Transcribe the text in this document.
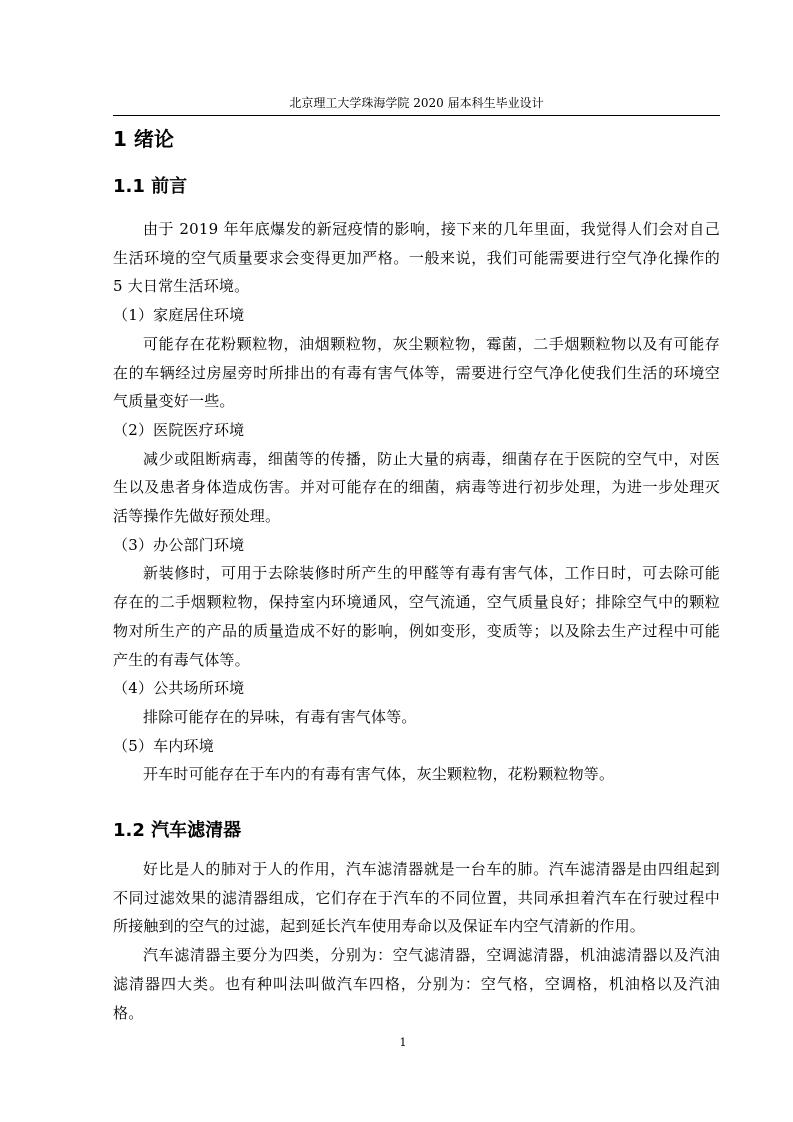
北京理工大学珠海学院 2020 届本科生毕业设计
1 绪论
1.1 前言

由于 2019 年年底爆发的新冠疫情的影响，接下来的几年里面，我觉得人们会对自己生活环境的空气质量要求会变得更加严格。一般来说，我们可能需要进行空气净化操作的 5 大日常生活环境。

（1）家庭居住环境

可能存在花粉颗粒物，油烟颗粒物，灰尘颗粒物，霉菌，二手烟颗粒物以及有可能存在的车辆经过房屋旁时所排出的有毒有害气体等，需要进行空气净化使我们生活的环境空气质量变好一些。

（2）医院医疗环境

减少或阻断病毒，细菌等的传播，防止大量的病毒，细菌存在于医院的空气中，对医生以及患者身体造成伤害。并对可能存在的细菌，病毒等进行初步处理，为进一步处理灭活等操作先做好预处理。

（3）办公部门环境

新装修时，可用于去除装修时所产生的甲醛等有毒有害气体，工作日时，可去除可能存在的二手烟颗粒物，保持室内环境通风，空气流通，空气质量良好；排除空气中的颗粒物对所生产的产品的质量造成不好的影响，例如变形，变质等；以及除去生产过程中可能产生的有毒气体等。

（4）公共场所环境

排除可能存在的异味，有毒有害气体等。

（5）车内环境

开车时可能存在于车内的有毒有害气体，灰尘颗粒物，花粉颗粒物等。

1.2 汽车滤清器

好比是人的肺对于人的作用，汽车滤清器就是一台车的肺。汽车滤清器是由四组起到不同过滤效果的滤清器组成，它们存在于汽车的不同位置，共同承担着汽车在行驶过程中所接触到的空气的过滤，起到延长汽车使用寿命以及保证车内空气清新的作用。

汽车滤清器主要分为四类，分别为：空气滤清器，空调滤清器，机油滤清器以及汽油滤清器四大类。也有种叫法叫做汽车四格，分别为：空气格，空调格，机油格以及汽油格。

1
